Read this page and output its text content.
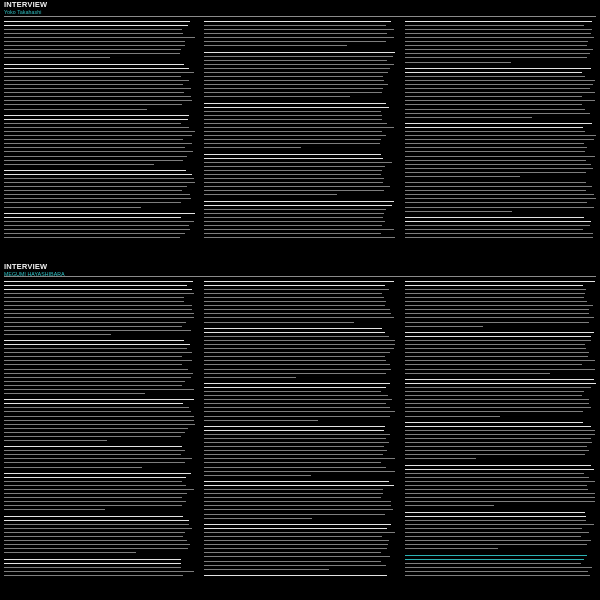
INTERVIEW
Yoko Takahashi
INTERVIEW
MEGUMI HAYASHIBARA
